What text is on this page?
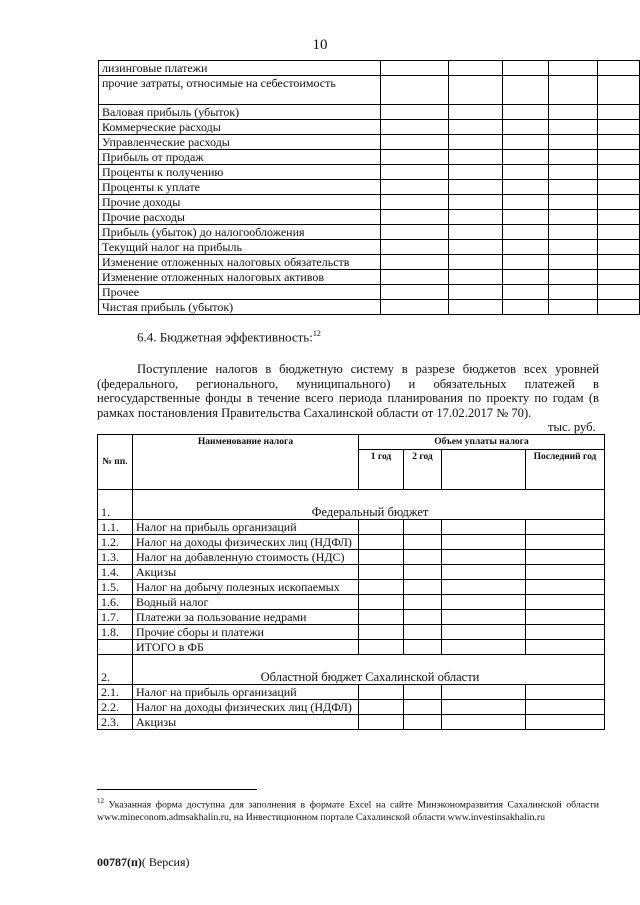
10
лизинговые платежи					
прочие затраты, относимые на себестоимость					
Валовая прибыль (убыток)					
Коммерческие расходы					
Управленческие расходы					
Прибыль от продаж					
Проценты к получению					
Проценты к уплате					
Прочие доходы					
Прочие расходы					
Прибыль (убыток) до налогообложения					
Текущий налог на прибыль					
Изменение отложенных налоговых обязательств					
Изменение отложенных налоговых активов					
Прочее					
Чистая прибыль (убыток)					
6.4. Бюджетная эффективность:$^{12}$
Поступление налогов в бюджетную систему в разрезе бюджетов всех уровней (федерального, регионального, муниципального) и обязательных платежей в негосударственные фонды в течение всего периода планирования по проекту по годам (в рамках постановления Правительства Сахалинской области от 17.02.2017 № 70).
тыс. руб.
№ пп.	Наименование налога	Объем уплаты налога			
		1 год	2 год		Последний год
1.	Федеральный бюджет				
1.1.	Налог на прибыль организаций				
1.2.	Налог на доходы физических лиц (НДФЛ)				
1.3.	Налог на добавленную стоимость (НДС)				
1.4.	Акцизы				
1.5.	Налог на добычу полезных ископаемых				
1.6.	Водный налог				
1.7.	Платежи за пользование недрами				
1.8.	Прочие сборы и платежи				
	ИТОГО в ФБ				
2.	Областной бюджет Сахалинской области				
2.1.	Налог на прибыль организаций				
2.2.	Налог на доходы физических лиц (НДФЛ)				
2.3.	Акцизы				
$^{12}$ Указанная форма доступна для заполнения в формате Excel на сайте Минэкономразвития Сахалинской области www.mineconom.admsakhalin.ru, на Инвестиционном портале Сахалинской области www.investinsakhalin.ru
00787(п)( Версия)
